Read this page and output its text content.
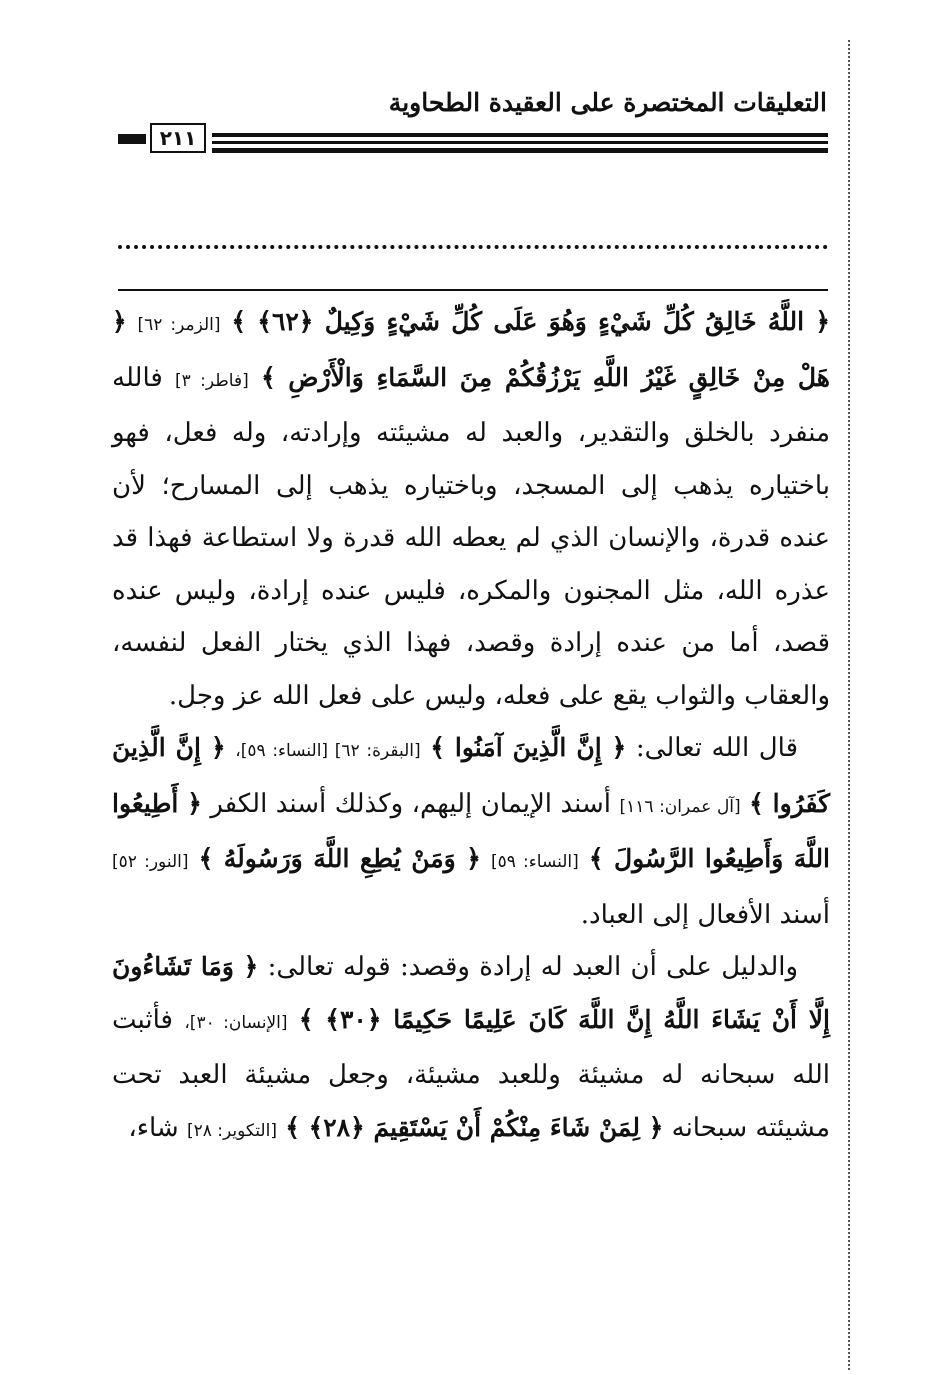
التعليقات المختصرة على العقيدة الطحاوية
٢١١

﴿ اللَّهُ خَالِقُ كُلِّ شَيْءٍ وَهُوَ عَلَى كُلِّ شَيْءٍ وَكِيلٌ ﴿٦٢﴾ ﴾ [الزمر: ٦٢] ﴿ هَلْ مِنْ خَالِقٍ غَيْرُ اللَّهِ يَرْزُقُكُمْ مِنَ السَّمَاءِ وَالْأَرْضِ ﴾ [فاطر: ٣] فالله منفرد بالخلق والتقدير، والعبد له مشيئته وإرادته، وله فعل، فهو باختياره يذهب إلى المسجد، وباختياره يذهب إلى المسارح؛ لأن عنده قدرة، والإنسان الذي لم يعطه الله قدرة ولا استطاعة فهذا قد عذره الله، مثل المجنون والمكره، فليس عنده إرادة، وليس عنده قصد، أما من عنده إرادة وقصد، فهذا الذي يختار الفعل لنفسه، والعقاب والثواب يقع على فعله، وليس على فعل الله عز وجل.

قال الله تعالى: ﴿ إِنَّ الَّذِينَ آمَنُوا ﴾ [البقرة: ٦٢] [النساء: ٥٩]، ﴿ إِنَّ الَّذِينَ كَفَرُوا ﴾ [آل عمران: ١١٦] أسند الإيمان إليهم، وكذلك أسند الكفر ﴿ أَطِيعُوا اللَّهَ وَأَطِيعُوا الرَّسُولَ ﴾ [النساء: ٥٩] ﴿ وَمَنْ يُطِعِ اللَّهَ وَرَسُولَهُ ﴾ [النور: ٥٢] أسند الأفعال إلى العباد.

والدليل على أن العبد له إرادة وقصد: قوله تعالى: ﴿ وَمَا تَشَاءُونَ إِلَّا أَنْ يَشَاءَ اللَّهُ إِنَّ اللَّهَ كَانَ عَلِيمًا حَكِيمًا ﴿٣٠﴾ ﴾ [الإنسان: ٣٠]، فأثبت الله سبحانه له مشيئة وللعبد مشيئة، وجعل مشيئة العبد تحت مشيئته سبحانه ﴿ لِمَنْ شَاءَ مِنْكُمْ أَنْ يَسْتَقِيمَ ﴿٢٨﴾ ﴾ [التكوير: ٢٨] شاء،
